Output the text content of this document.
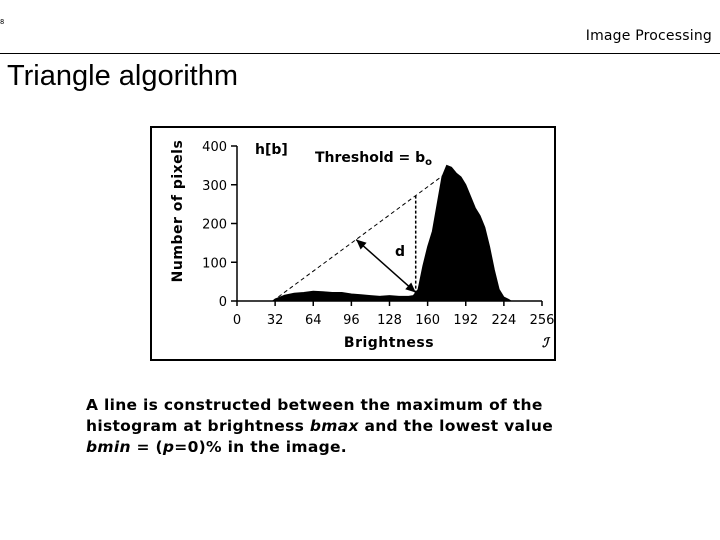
8
Image Processing
Triangle algorithm
0
100
200
300
400
0 32 64 96 128 160 192 224 256
h[b] Threshold = $b_o$
d
Number of pixels
Brightness	ℐ
A line is constructed between the maximum of the
histogram at brightness bmax and the lowest value
bmin = (p=0)% in the image.
